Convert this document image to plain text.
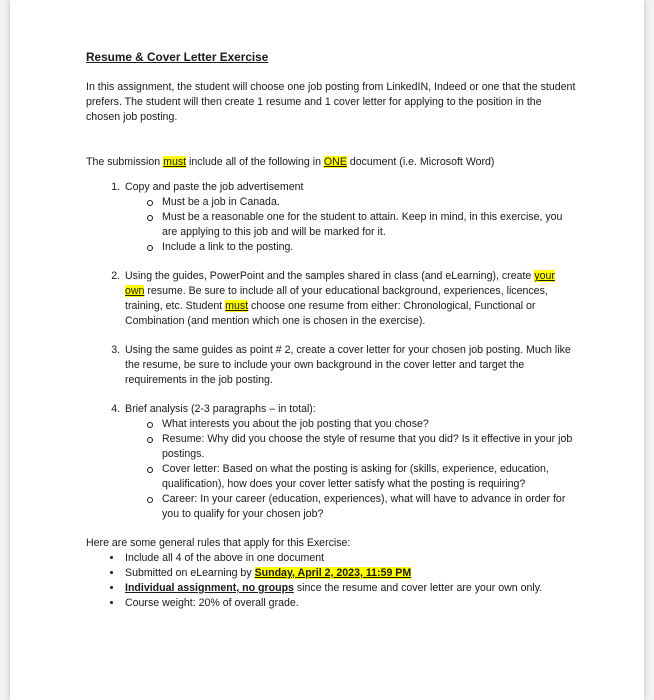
Resume & Cover Letter Exercise

In this assignment, the student will choose one job posting from LinkedIN, Indeed or one that the student prefers. The student will then create 1 resume and 1 cover letter for applying to the position in the chosen job posting.

The submission must include all of the following in ONE document (i.e. Microsoft Word)

1. Copy and paste the job advertisement
Must be a job in Canada.
Must be a reasonable one for the student to attain. Keep in mind, in this exercise, you are applying to this job and will be marked for it.
Include a link to the posting.
2. Using the guides, PowerPoint and the samples shared in class (and eLearning), create your own resume. Be sure to include all of your educational background, experiences, licences, training, etc. Student must choose one resume from either: Chronological, Functional or Combination (and mention which one is chosen in the exercise).
3. Using the same guides as point # 2, create a cover letter for your chosen job posting. Much like the resume, be sure to include your own background in the cover letter and target the requirements in the job posting.
4. Brief analysis (2-3 paragraphs – in total):
What interests you about the job posting that you chose?
Resume: Why did you choose the style of resume that you did? Is it effective in your job postings.
Cover letter: Based on what the posting is asking for (skills, experience, education, qualification), how does your cover letter satisfy what the posting is requiring?
Career: In your career (education, experiences), what will have to advance in order for you to qualify for your chosen job?

Here are some general rules that apply for this Exercise:

• Include all 4 of the above in one document
• Submitted on eLearning by Sunday, April 2, 2023, 11:59 PM
• Individual assignment, no groups since the resume and cover letter are your own only.
• Course weight: 20% of overall grade.
